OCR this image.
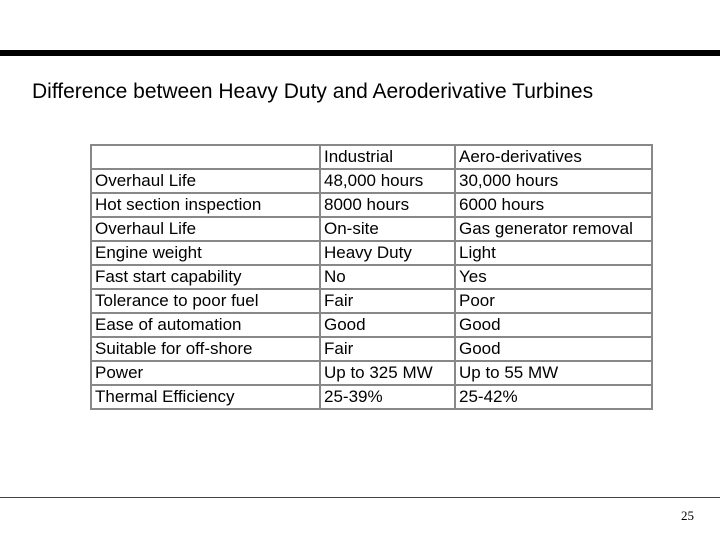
Difference between Heavy Duty and Aeroderivative Turbines
	Industrial	Aero-derivatives
Overhaul Life	48,000 hours	30,000 hours
Hot section inspection	8000 hours	6000 hours
Overhaul Life	On-site	Gas generator removal
Engine weight	Heavy Duty	Light
Fast start capability	No	Yes
Tolerance to poor fuel	Fair	Poor
Ease of automation	Good	Good
Suitable for off-shore	Fair	Good
Power	Up to 325 MW	Up to 55 MW
Thermal Efficiency	25-39%	25-42%
25
